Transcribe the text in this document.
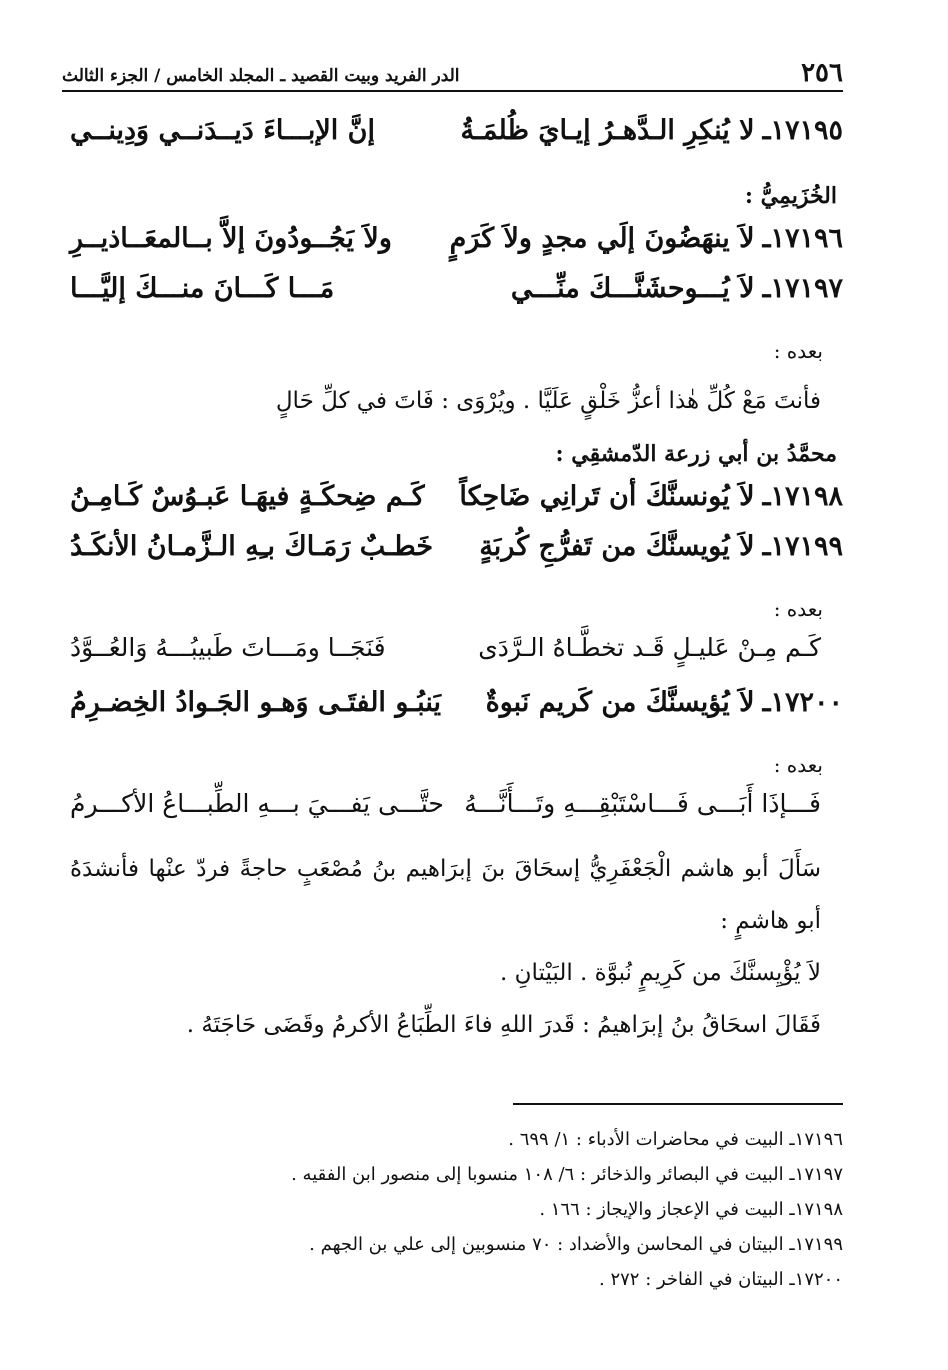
٢٥٦
الدر الفريد وبيت القصيد ـ المجلد الخامس / الجزء الثالث
١٧١٩٥ـ
لا يُنكِرِ الـدَّهـرُ إيـايَ ظُلمَـةُ
إنَّ الإبـــاءَ دَيــدَنــي وَدِينــي
الخُزَيمِيُّ :
١٧١٩٦ـ
لاَ ينهَضُونَ إلَي مجدٍ ولاَ كَرَمٍ
ولاَ يَجُــودُونَ إلاَّ بــالمعَــاذيــرِ
١٧١٩٧ـ
لاَ يُـــوحشَنَّـــكَ منِّـــي
مَـــا كَـــانَ منـــكَ إليَّـــا
بعده :
فأنتَ مَعْ كُلِّ هٰذا أعزُّ خَلْقٍ عَلَيَّا . ويُرْوَى : فَاتَ في كلِّ حَالٍ
محمَّدُ بن أبي زرعة الدّمشقِي :
١٧١٩٨ـ
لاَ يُونسنَّكَ أن تَرانِي ضَاحِكاً
كَـم ضِحكَـةٍ فيهَـا عَبـوُسٌ كَـامِـنُ
١٧١٩٩ـ
لاَ يُويسنَّكَ من تَفرُّجِ كُربَةٍ
خَطـبٌ رَمَـاكَ بـِهِ الـزَّمـانُ الأنكَـدُ
بعده :
كَـم مِـنْ عَليـلٍ قَـد تخطَّـاهُ الـرَّدَى
فَنَجَــا ومَـــاتَ طَبيبُـــهُ وَالعُــوَّدُ
١٧٢٠٠ـ
لاَ يُؤيسنَّكَ من كَريم نَبوةٌ
يَنبُـو الفتَـى وَهـو الجَـوادُ الخِضـرِمُ
بعده :
فَـــإذَا أَبَـــى فَـــاسْتَبْقِـــهِ وتَـــأَنَّـــهُ
حتَّـــى يَفـــيَ بـــهِ الطِّبـــاعُ الأكـــرمُ
سَأَلَ أبو هاشم الْجَعْفَرِيُّ إسحَاقَ بنَ إبرَاهيم بنُ مُصْعَبٍ حاجةً فردّ عنْها فأنشدَهُ أبو هاشمٍ :
لاَ يُؤْيِسنَّكَ من كَرِيمٍ نُبوَّة . البَيْتانِ .
فَقَالَ اسحَاقُ بنُ إبرَاهيمُ : قَدرَ اللهِ فاءَ الطِّبَاعُ الأكرمُ وقَضَى حَاجَتَهُ .
١٧١٩٦ـ البيت في محاضرات الأدباء : ١/ ٦٩٩ .
١٧١٩٧ـ البيت في البصائر والذخائر : ٦/ ١٠٨ منسوبا إلى منصور ابن الفقيه .
١٧١٩٨ـ البيت في الإعجاز والإيجاز : ١٦٦ .
١٧١٩٩ـ البيتان في المحاسن والأضداد : ٧٠ منسوبين إلى علي بن الجهم .
١٧٢٠٠ـ البيتان في الفاخر : ٢٧٢ .
